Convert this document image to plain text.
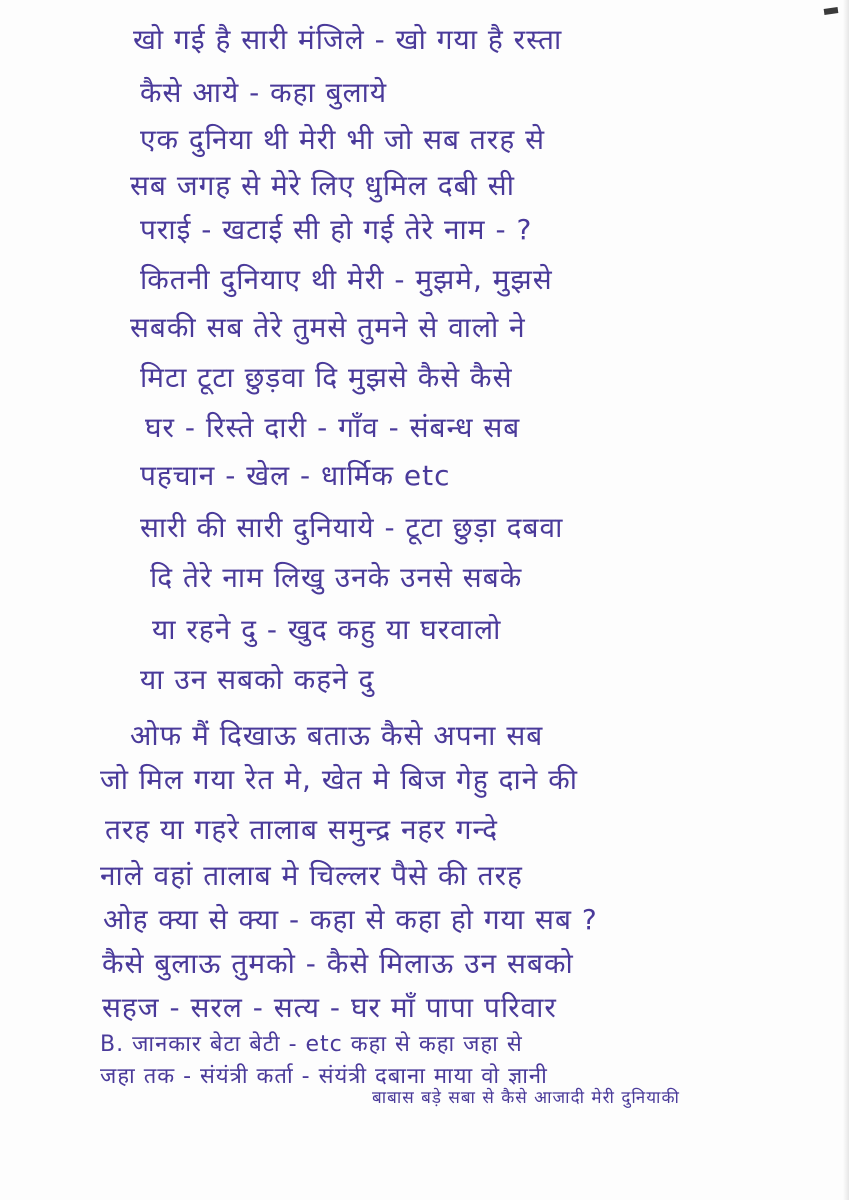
खो गई है सारी मंजिले - खो गया है रस्ता
कैसे आये - कहा बुलाये
एक दुनिया थी मेरी भी जो सब तरह से
सब जगह से मेरे लिए धुमिल दबी सी
पराई - खटाई सी हो गई तेरे नाम - ?
कितनी दुनियाए थी मेरी - मुझमे, मुझसे
सबकी सब तेरे तुमसे तुमने से वालो ने
मिटा टूटा छुड़वा दि मुझसे कैसे कैसे
घर - रिस्ते दारी - गाँव - संबन्ध सब
पहचान - खेल - धार्मिक etc
सारी की सारी दुनियाये - टूटा छुड़ा दबवा
दि तेरे नाम लिखु उनके उनसे सबके
या रहने दु - खुद कहु या घरवालो
या उन सबको कहने दु
ओफ मैं दिखाऊ बताऊ कैसे अपना सब
जो मिल गया रेत मे, खेत मे बिज गेहु दाने की
तरह या गहरे तालाब समुन्द्र नहर गन्दे
नाले वहां तालाब मे चिल्लर पैसे की तरह
ओह क्या से क्या - कहा से कहा हो गया सब ?
कैसे बुलाऊ तुमको - कैसे मिलाऊ उन सबको
सहज - सरल - सत्य - घर माँ पापा परिवार
B. जानकार बेटा बेटी - etc कहा से कहा जहा से
जहा तक - संयंत्री कर्ता - संयंत्री दबाना माया वो ज्ञानी
बाबास बड़े सबा से कैसे आजादी मेरी दुनियाकी
